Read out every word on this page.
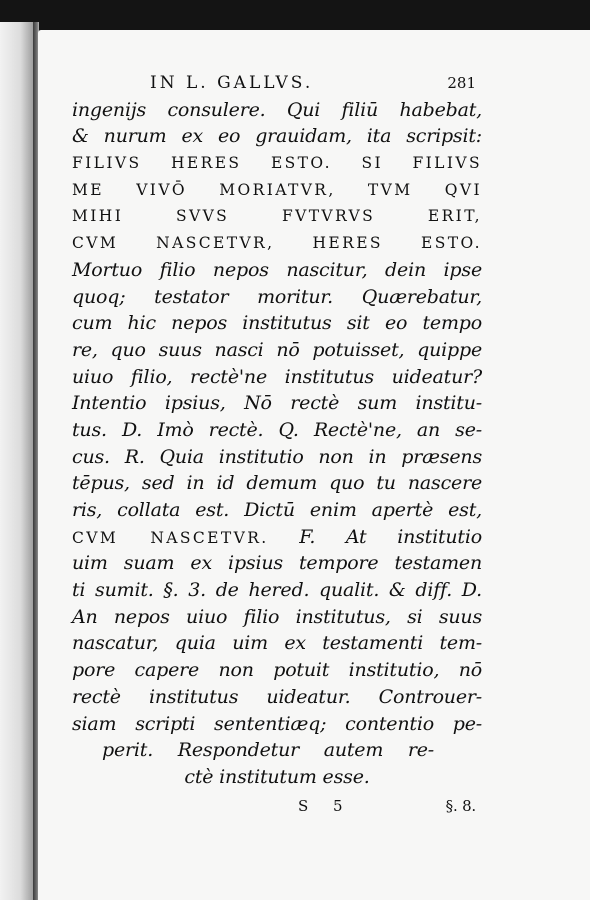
IN L. GALLVS.	281
ingenijs consulere. Qui filiū habebat,
& nurum ex eo grauidam, ita scripsit:
FILIVS HERES ESTO. SI FILIVS
ME VIVŌ MORIATVR, TVM QVI
MIHI SVVS FVTVRVS ERIT,
CVM NASCETVR, HERES ESTO.
Mortuo filio nepos nascitur, dein ipse
quoq; testator moritur. Quærebatur,
cum hic nepos institutus sit eo tempo
re, quo suus nasci nō potuisset, quippe
uiuo filio, rectè'ne institutus uideatur?
Intentio ipsius, Nō rectè sum institu-
tus. D. Imò rectè. Q. Rectè'ne, an se-
cus. R. Quia institutio non in præsens
tēpus, sed in id demum quo tu nascere
ris, collata est. Dictū enim apertè est,
CVM NASCETVR. F. At institutio
uim suam ex ipsius tempore testamen
ti sumit. §. 3. de hered. qualit. & diff. D.
An nepos uiuo filio institutus, si suus
nascatur, quia uim ex testamenti tem-
pore capere non potuit institutio, nō
rectè institutus uideatur. Controuer-
siam scripti sententiæq; contentio pe-
perit. Respondetur autem re-
ctè institutum esse.
S 5	§. 8.
